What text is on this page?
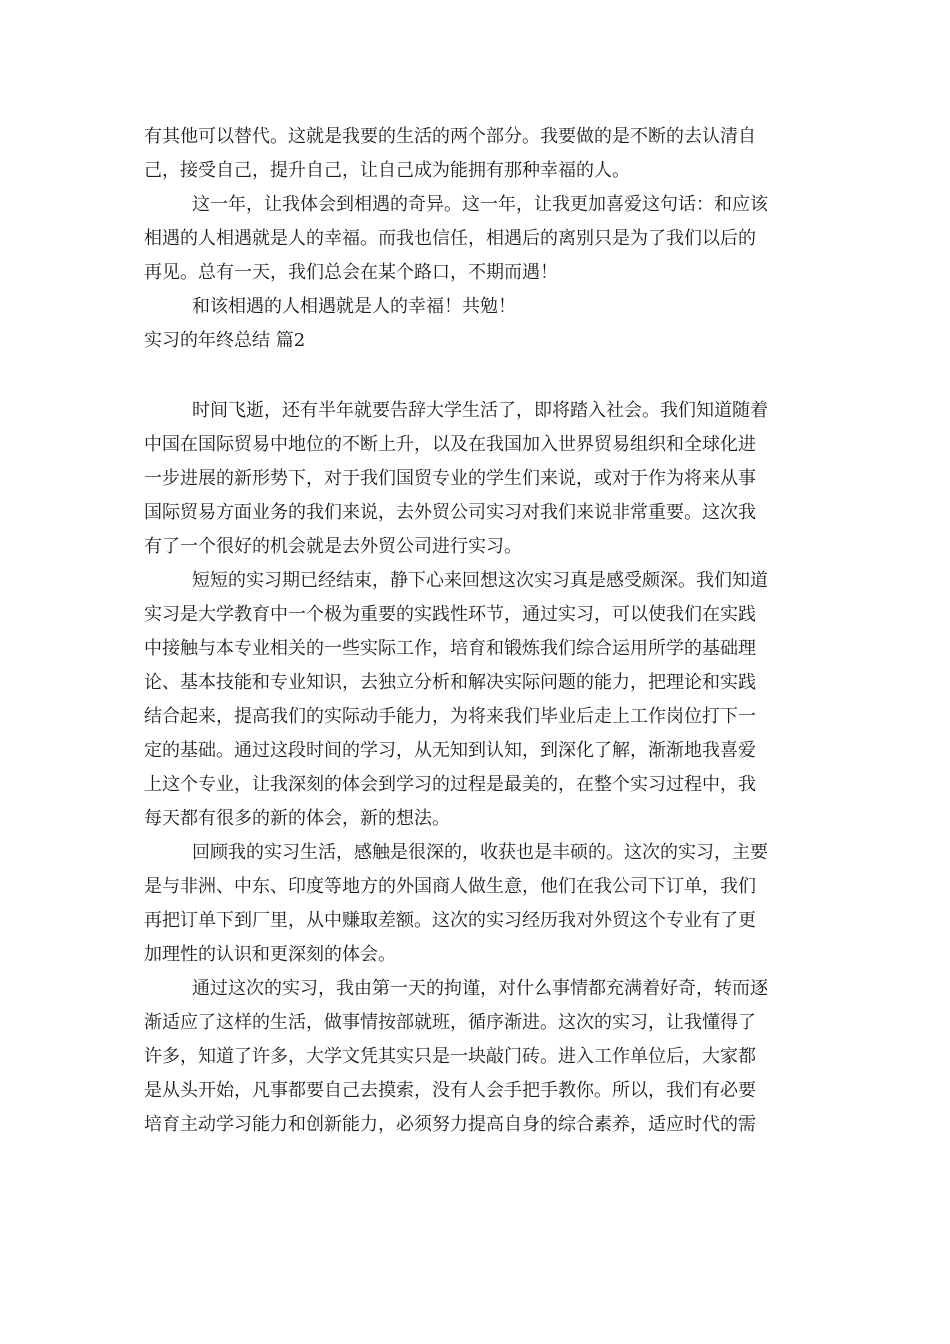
有其他可以替代。这就是我要的生活的两个部分。我要做的是不断的去认清自
己，接受自己，提升自己，让自己成为能拥有那种幸福的人。
这一年，让我体会到相遇的奇异。这一年，让我更加喜爱这句话：和应该
相遇的人相遇就是人的幸福。而我也信任，相遇后的离别只是为了我们以后的
再见。总有一天，我们总会在某个路口，不期而遇！
和该相遇的人相遇就是人的幸福！共勉！
实习的年终总结 篇2
时间飞逝，还有半年就要告辞大学生活了，即将踏入社会。我们知道随着
中国在国际贸易中地位的不断上升，以及在我国加入世界贸易组织和全球化进
一步进展的新形势下，对于我们国贸专业的学生们来说，或对于作为将来从事
国际贸易方面业务的我们来说，去外贸公司实习对我们来说非常重要。这次我
有了一个很好的机会就是去外贸公司进行实习。
短短的实习期已经结束，静下心来回想这次实习真是感受颇深。我们知道
实习是大学教育中一个极为重要的实践性环节，通过实习，可以使我们在实践
中接触与本专业相关的一些实际工作，培育和锻炼我们综合运用所学的基础理
论、基本技能和专业知识，去独立分析和解决实际问题的能力，把理论和实践
结合起来，提高我们的实际动手能力，为将来我们毕业后走上工作岗位打下一
定的基础。通过这段时间的学习，从无知到认知，到深化了解，渐渐地我喜爱
上这个专业，让我深刻的体会到学习的过程是最美的，在整个实习过程中，我
每天都有很多的新的体会，新的想法。
回顾我的实习生活，感触是很深的，收获也是丰硕的。这次的实习，主要
是与非洲、中东、印度等地方的外国商人做生意，他们在我公司下订单，我们
再把订单下到厂里，从中赚取差额。这次的实习经历我对外贸这个专业有了更
加理性的认识和更深刻的体会。
通过这次的实习，我由第一天的拘谨，对什么事情都充满着好奇，转而逐
渐适应了这样的生活，做事情按部就班，循序渐进。这次的实习，让我懂得了
许多，知道了许多，大学文凭其实只是一块敲门砖。进入工作单位后，大家都
是从头开始，凡事都要自己去摸索，没有人会手把手教你。所以，我们有必要
培育主动学习能力和创新能力，必须努力提高自身的综合素养，适应时代的需
